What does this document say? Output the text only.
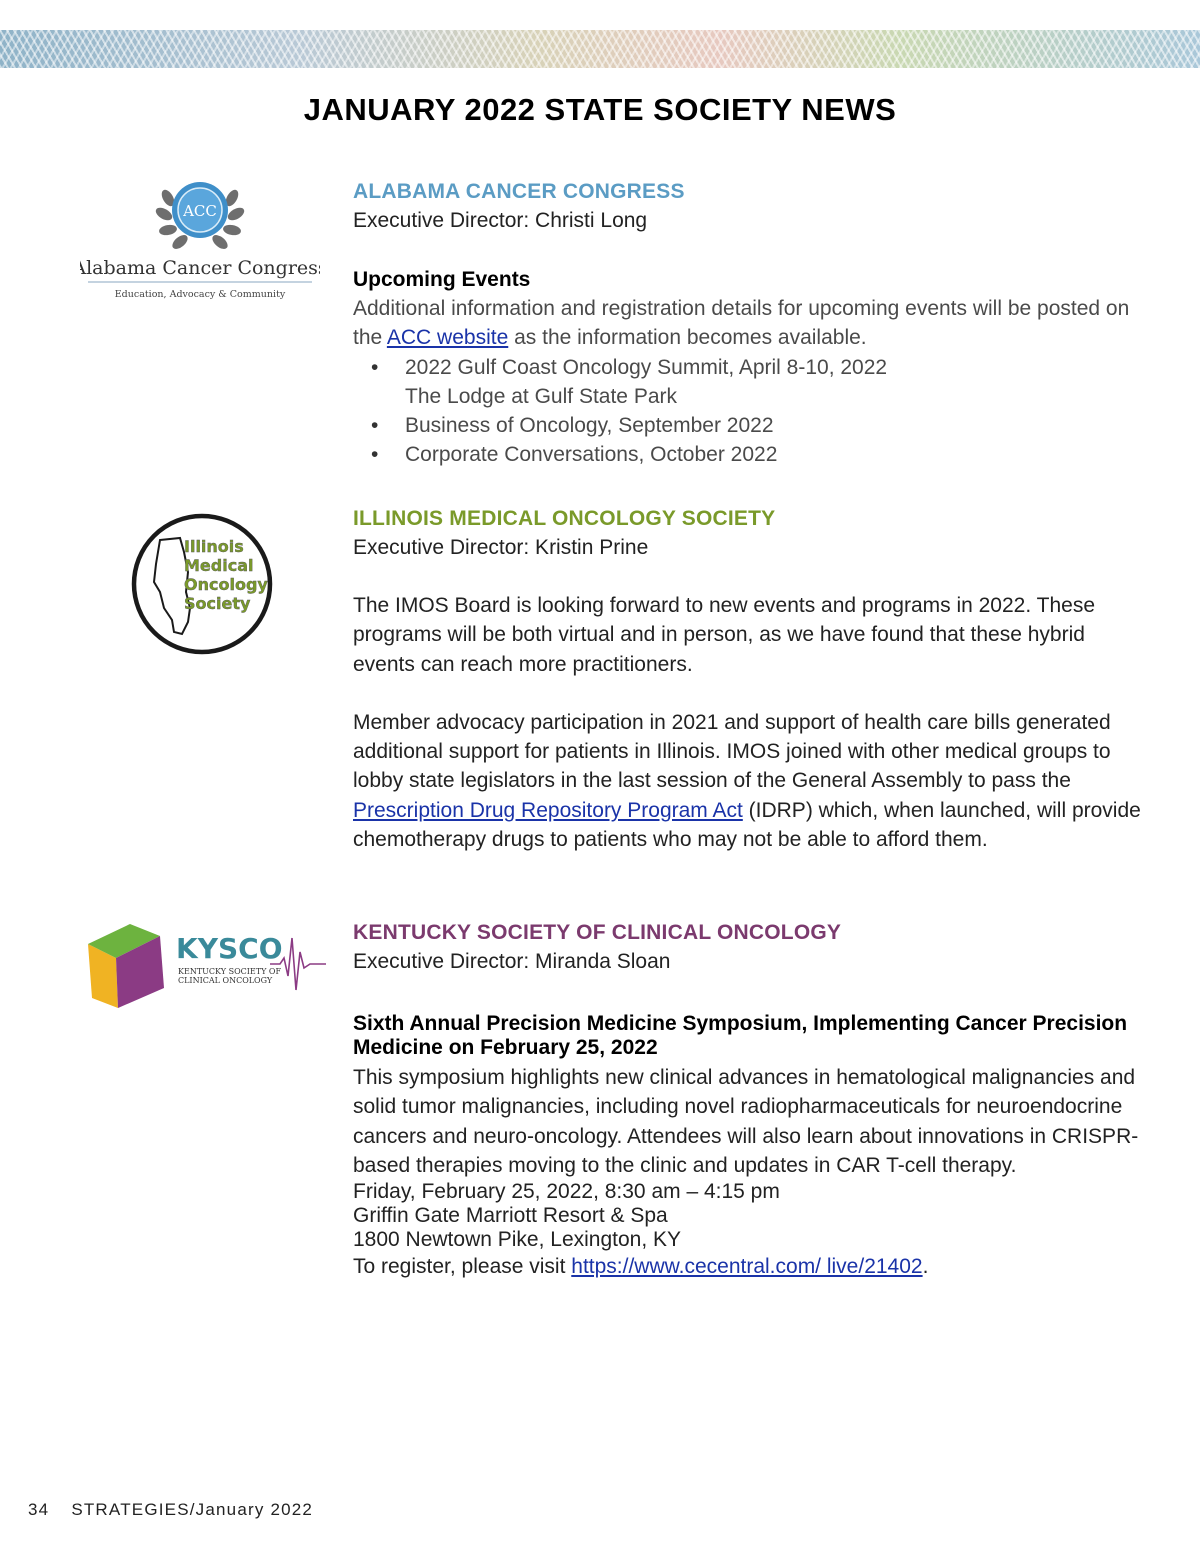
JANUARY 2022 STATE SOCIETY NEWS
ACC
Alabama Cancer Congress
Education, Advocacy & Community
ALABAMA CANCER CONGRESS
Executive Director: Christi Long
Upcoming Events

Additional information and registration details for upcoming events will be posted on the ACC website as the information becomes available.

• 2022 Gulf Coast Oncology Summit, April 8-10, 2022
The Lodge at Gulf State Park
• Business of Oncology, September 2022
• Corporate Conversations, October 2022
Illinois
Medical
Oncology
Society
ILLINOIS MEDICAL ONCOLOGY SOCIETY
Executive Director: Kristin Prine

The IMOS Board is looking forward to new events and programs in 2022. These programs will be both virtual and in person, as we have found that these hybrid events can reach more practitioners.

Member advocacy participation in 2021 and support of health care bills generated additional support for patients in Illinois. IMOS joined with other medical groups to lobby state legislators in the last session of the General Assembly to pass the Prescription Drug Repository Program Act (IDRP) which, when launched, will provide chemotherapy drugs to patients who may not be able to afford them.

KYSCO
KENTUCKY SOCIETY OF
CLINICAL ONCOLOGY
KENTUCKY SOCIETY OF CLINICAL ONCOLOGY
Executive Director: Miranda Sloan
Sixth Annual Precision Medicine Symposium, Implementing Cancer Precision Medicine on February 25, 2022

This symposium highlights new clinical advances in hematological malignancies and solid tumor malignancies, including novel radiopharmaceuticals for neuroendocrine cancers and neuro-oncology. Attendees will also learn about innovations in CRISPR-based therapies moving to the clinic and updates in CAR T-cell therapy.

Friday, February 25, 2022, 8:30 am – 4:15 pm

Griffin Gate Marriott Resort & Spa

1800 Newtown Pike, Lexington, KY

To register, please visit https://www.cecentral.com/ live/21402.

34 STRATEGIES/January 2022
